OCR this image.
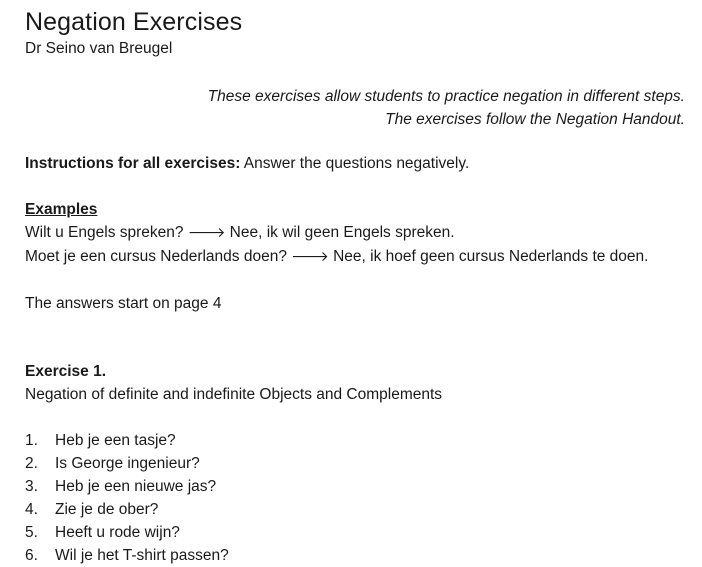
Negation Exercises

Dr Seino van Breugel

These exercises allow students to practice negation in different steps.
The exercises follow the Negation Handout.
Instructions for all exercises: Answer the questions negatively.
Examples
Wilt u Engels spreken? 🡒 Nee, ik wil geen Engels spreken.
Moet je een cursus Nederlands doen? 🡒 Nee, ik hoef geen cursus Nederlands te doen.
The answers start on page 4
Exercise 1.
Negation of definite and indefinite Objects and Complements
1.	Heb je een tasje?
2.	Is George ingenieur?
3.	Heb je een nieuwe jas?
4.	Zie je de ober?
5.	Heeft u rode wijn?
6.	Wil je het T-shirt passen?
